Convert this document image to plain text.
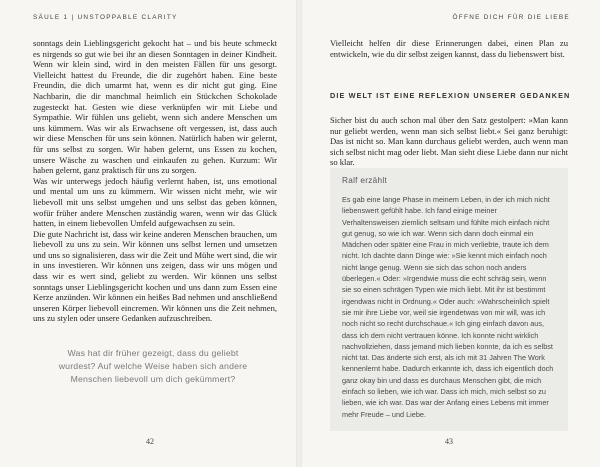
SÄULE 1 | UNSTOPPABLE CLARITY

sonntags dein Lieblingsgericht gekocht hat – und bis heute schmeckt es nirgends so gut wie bei ihr an diesen Sonntagen in deiner Kindheit. Wenn wir klein sind, wird in den meisten Fällen für uns gesorgt. Vielleicht hattest du Freunde, die dir zugehört haben. Eine beste Freundin, die dich umarmt hat, wenn es dir nicht gut ging. Eine Nachbarin, die dir manchmal heimlich ein Stückchen Schokolade zugesteckt hat. Gesten wie diese verknüpfen wir mit Liebe und Sympathie. Wir fühlen uns geliebt, wenn sich andere Menschen um uns kümmern. Was wir als Erwachsene oft vergessen, ist, dass auch wir diese Menschen für uns sein können. Natürlich haben wir gelernt, für uns selbst zu sorgen. Wir haben gelernt, uns Essen zu kochen, unsere Wäsche zu waschen und einkaufen zu gehen. Kurzum: Wir haben gelernt, ganz praktisch für uns zu sorgen.

Was wir unterwegs jedoch häufig verlernt haben, ist, uns emotional und mental um uns zu kümmern. Wir wissen nicht mehr, wie wir liebevoll mit uns selbst umgehen und uns selbst das geben können, wofür früher andere Menschen zuständig waren, wenn wir das Glück hatten, in einem liebevollen Umfeld aufgewachsen zu sein.

Die gute Nachricht ist, dass wir keine anderen Menschen brauchen, um liebevoll zu uns zu sein. Wir können uns selbst lernen und umsetzen und uns so signalisieren, dass wir die Zeit und Mühe wert sind, die wir in uns investieren. Wir können uns zeigen, dass wir uns mögen und dass wir es wert sind, geliebt zu werden. Wir können uns selbst sonntags unser Lieblingsgericht kochen und uns dann zum Essen eine Kerze anzünden. Wir können ein heißes Bad nehmen und anschließend unseren Körper liebevoll eincremen. Wir können uns die Zeit nehmen, uns zu stylen oder unsere Gedanken aufzuschreiben.

Was hat dir früher gezeigt, dass du geliebt wurdest? Auf welche Weise haben sich andere Menschen liebevoll um dich gekümmert?
42
ÖFFNE DICH FÜR DIE LIEBE

Vielleicht helfen dir diese Erinnerungen dabei, einen Plan zu entwickeln, wie du dir selbst zeigen kannst, dass du liebenswert bist.

DIE WELT IST EINE REFLEXION UNSERER GEDANKEN

Sicher bist du auch schon mal über den Satz gestolpert: »Man kann nur geliebt werden, wenn man sich selbst liebt.« Sei ganz beruhigt: Das ist nicht so. Man kann durchaus geliebt werden, auch wenn man sich selbst nicht mag oder liebt. Man sieht diese Liebe dann nur nicht so klar.

Ralf erzählt
Es gab eine lange Phase in meinem Leben, in der ich mich nicht liebenswert gefühlt habe. Ich fand einige meiner Verhaltensweisen ziemlich seltsam und fühlte mich einfach nicht gut genug, so wie ich war. Wenn sich dann doch einmal ein Mädchen oder später eine Frau in mich verliebte, traute ich dem nicht. Ich dachte dann Dinge wie: »Sie kennt mich einfach noch nicht lange genug. Wenn sie sich das schon noch anders überlegen.« Oder: »Irgendwie muss die echt schräg sein, wenn sie so einen schrägen Typen wie mich liebt. Mit ihr ist bestimmt irgendwas nicht in Ordnung.« Oder auch: »Wahrscheinlich spielt sie mir ihre Liebe vor, weil sie irgendetwas von mir will, was ich noch nicht so recht durchschaue.« Ich ging einfach davon aus, dass ich dem nicht vertrauen könne. Ich konnte nicht wirklich nachvollziehen, dass jemand mich lieben konnte, da ich es selbst nicht tat. Das änderte sich erst, als ich mit 31 Jahren The Work kennenlernt habe. Dadurch erkannte ich, dass ich eigentlich doch ganz okay bin und dass es durchaus Menschen gibt, die mich einfach so lieben, wie ich war. Dass ich mich, mich selbst so zu lieben, wie ich war. Das war der Anfang eines Lebens mit immer mehr Freude – und Liebe.
43
